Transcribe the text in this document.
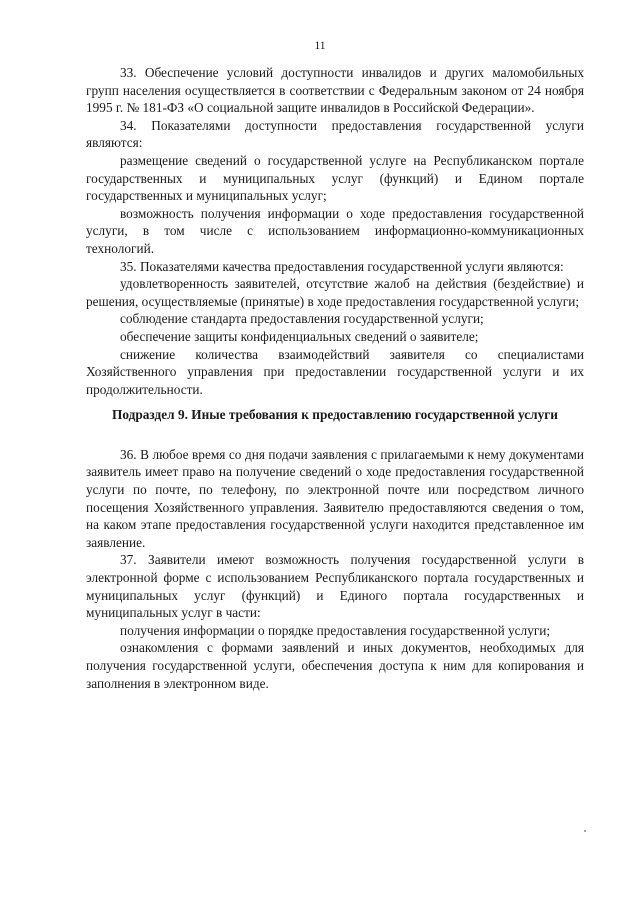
11

33. Обеспечение условий доступности инвалидов и других маломобильных групп населения осуществляется в соответствии с Федеральным законом от 24 ноября 1995 г. № 181-ФЗ «О социальной защите инвалидов в Российской Федерации».

34. Показателями доступности предоставления государственной услуги являются:

размещение сведений о государственной услуге на Республиканском портале государственных и муниципальных услуг (функций) и Едином портале государственных и муниципальных услуг;

возможность получения информации о ходе предоставления государственной услуги, в том числе с использованием информационно-коммуникационных технологий.

35. Показателями качества предоставления государственной услуги являются:

удовлетворенность заявителей, отсутствие жалоб на действия (бездействие) и решения, осуществляемые (принятые) в ходе предоставления государственной услуги;

соблюдение стандарта предоставления государственной услуги;

обеспечение защиты конфиденциальных сведений о заявителе;

снижение количества взаимодействий заявителя со специалистами Хозяйственного управления при предоставлении государственной услуги и их продолжительности.

Подраздел 9. Иные требования к предоставлению государственной услуги

36. В любое время со дня подачи заявления с прилагаемыми к нему документами заявитель имеет право на получение сведений о ходе предоставления государственной услуги по почте, по телефону, по электронной почте или посредством личного посещения Хозяйственного управления. Заявителю предоставляются сведения о том, на каком этапе предоставления государственной услуги находится представленное им заявление.

37. Заявители имеют возможность получения государственной услуги в электронной форме с использованием Республиканского портала государственных и муниципальных услуг (функций) и Единого портала государственных и муниципальных услуг в части:

получения информации о порядке предоставления государственной услуги;

ознакомления с формами заявлений и иных документов, необходимых для получения государственной услуги, обеспечения доступа к ним для копирования и заполнения в электронном виде.
